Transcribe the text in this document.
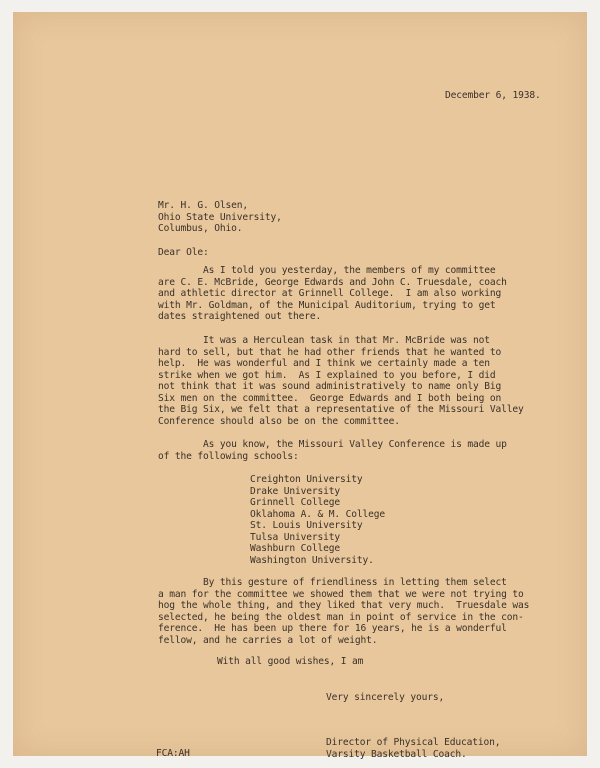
December 6, 1938.
Mr. H. G. Olsen,
Ohio State University,
Columbus, Ohio.
Dear Ole:
As I told you yesterday, the members of my committee
are C. E. McBride, George Edwards and John C. Truesdale, coach
and athletic director at Grinnell College.  I am also working
with Mr. Goldman, of the Municipal Auditorium, trying to get
dates straightened out there.
It was a Herculean task in that Mr. McBride was not
hard to sell, but that he had other friends that he wanted to
help.  He was wonderful and I think we certainly made a ten
strike when we got him.  As I explained to you before, I did
not think that it was sound administratively to name only Big
Six men on the committee.  George Edwards and I both being on
the Big Six, we felt that a representative of the Missouri Valley
Conference should also be on the committee.
As you know, the Missouri Valley Conference is made up
of the following schools:
Creighton University
Drake University
Grinnell College
Oklahoma A. & M. College
St. Louis University
Tulsa University
Washburn College
Washington University.
By this gesture of friendliness in letting them select
a man for the committee we showed them that we were not trying to
hog the whole thing, and they liked that very much.  Truesdale was
selected, he being the oldest man in point of service in the con-
ference.  He has been up there for 16 years, he is a wonderful
fellow, and he carries a lot of weight.
With all good wishes, I am
Very sincerely yours,
Director of Physical Education,
Varsity Basketball Coach.
FCA:AH
